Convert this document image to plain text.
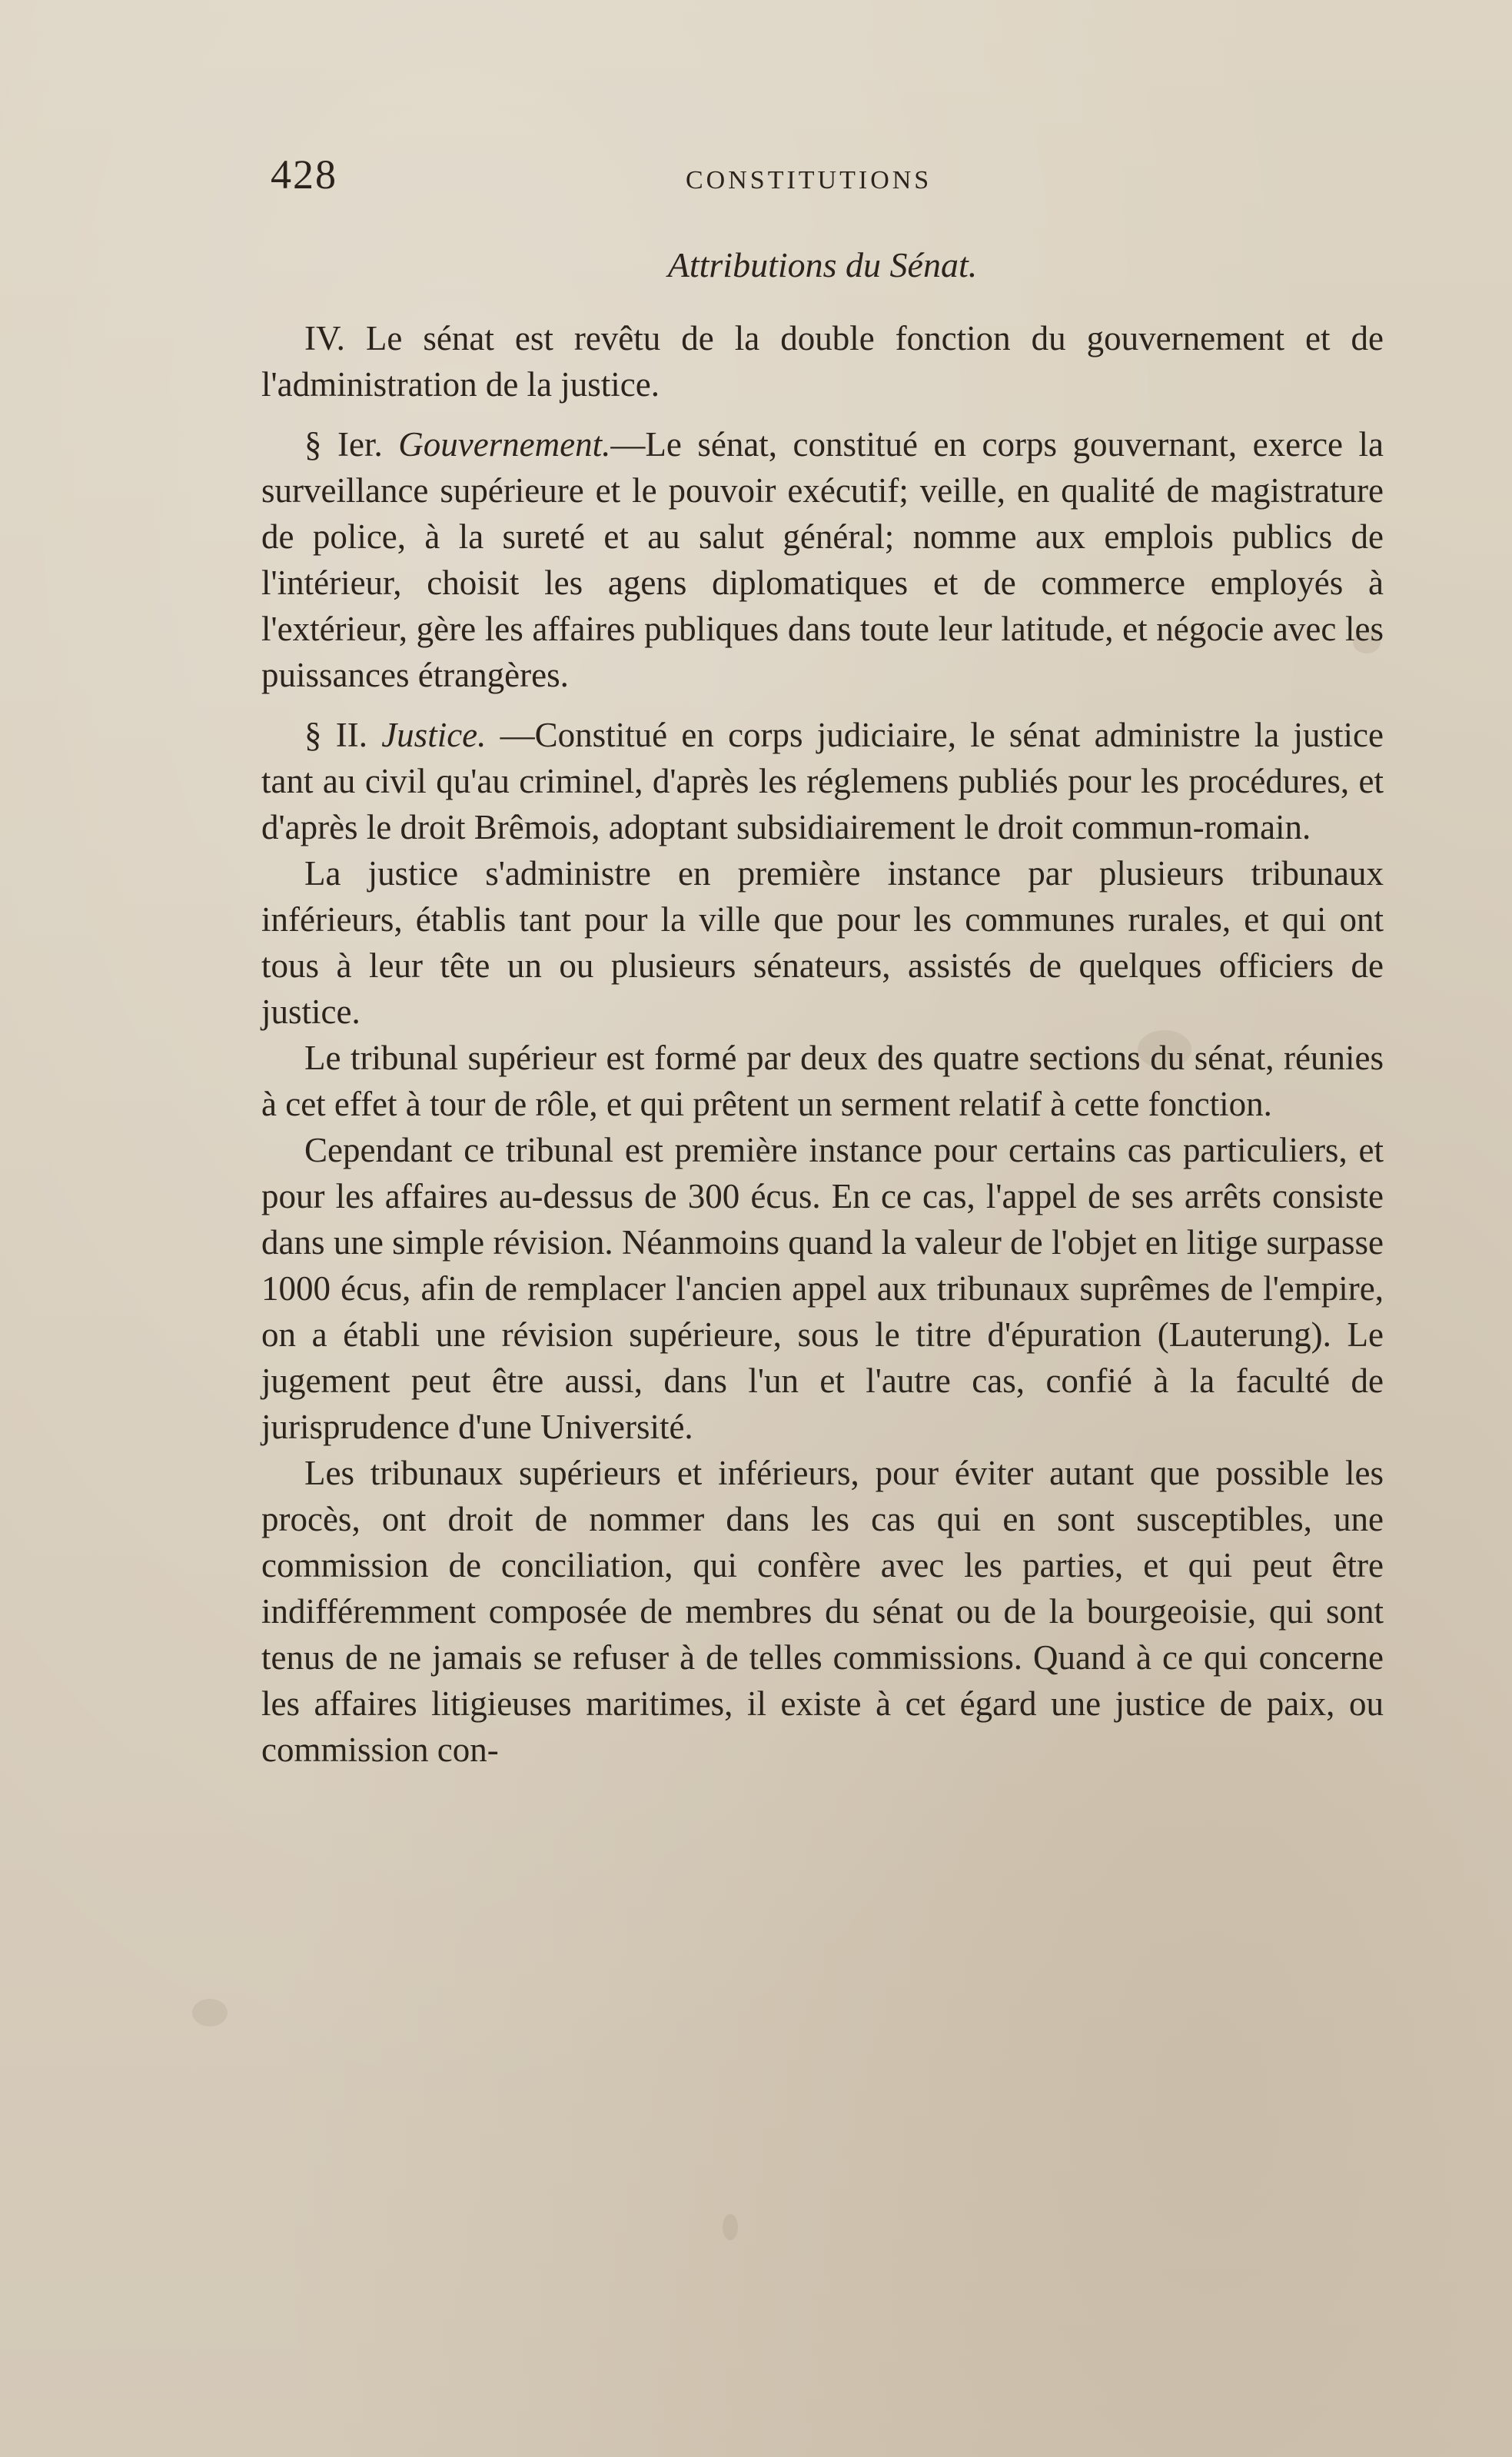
428	CONSTITUTIONS
Attributions du Sénat.

IV. Le sénat est revêtu de la double fonction du gouvernement et de l'administration de la justice.

§ Ier. Gouvernement.—Le sénat, constitué en corps gouvernant, exerce la surveillance supérieure et le pouvoir exécutif; veille, en qualité de magistrature de police, à la sureté et au salut général; nomme aux emplois publics de l'intérieur, choisit les agens diplomatiques et de commerce employés à l'extérieur, gère les affaires publiques dans toute leur latitude, et négocie avec les puissances étrangères.

§ II. Justice. —Constitué en corps judiciaire, le sénat administre la justice tant au civil qu'au criminel, d'après les réglemens publiés pour les procédures, et d'après le droit Brêmois, adoptant subsidiairement le droit commun-romain.

La justice s'administre en première instance par plusieurs tribunaux inférieurs, établis tant pour la ville que pour les communes rurales, et qui ont tous à leur tête un ou plusieurs sénateurs, assistés de quelques officiers de justice.

Le tribunal supérieur est formé par deux des quatre sections du sénat, réunies à cet effet à tour de rôle, et qui prêtent un serment relatif à cette fonction.

Cependant ce tribunal est première instance pour certains cas particuliers, et pour les affaires au-dessus de 300 écus. En ce cas, l'appel de ses arrêts consiste dans une simple révision. Néanmoins quand la valeur de l'objet en litige surpasse 1000 écus, afin de remplacer l'ancien appel aux tribunaux suprêmes de l'empire, on a établi une révision supérieure, sous le titre d'épuration (Lauterung). Le jugement peut être aussi, dans l'un et l'autre cas, confié à la faculté de jurisprudence d'une Université.

Les tribunaux supérieurs et inférieurs, pour éviter autant que possible les procès, ont droit de nommer dans les cas qui en sont susceptibles, une commission de conciliation, qui confère avec les parties, et qui peut être indifféremment composée de membres du sénat ou de la bourgeoisie, qui sont tenus de ne jamais se refuser à de telles commissions. Quand à ce qui concerne les affaires litigieuses maritimes, il existe à cet égard une justice de paix, ou commission con-
